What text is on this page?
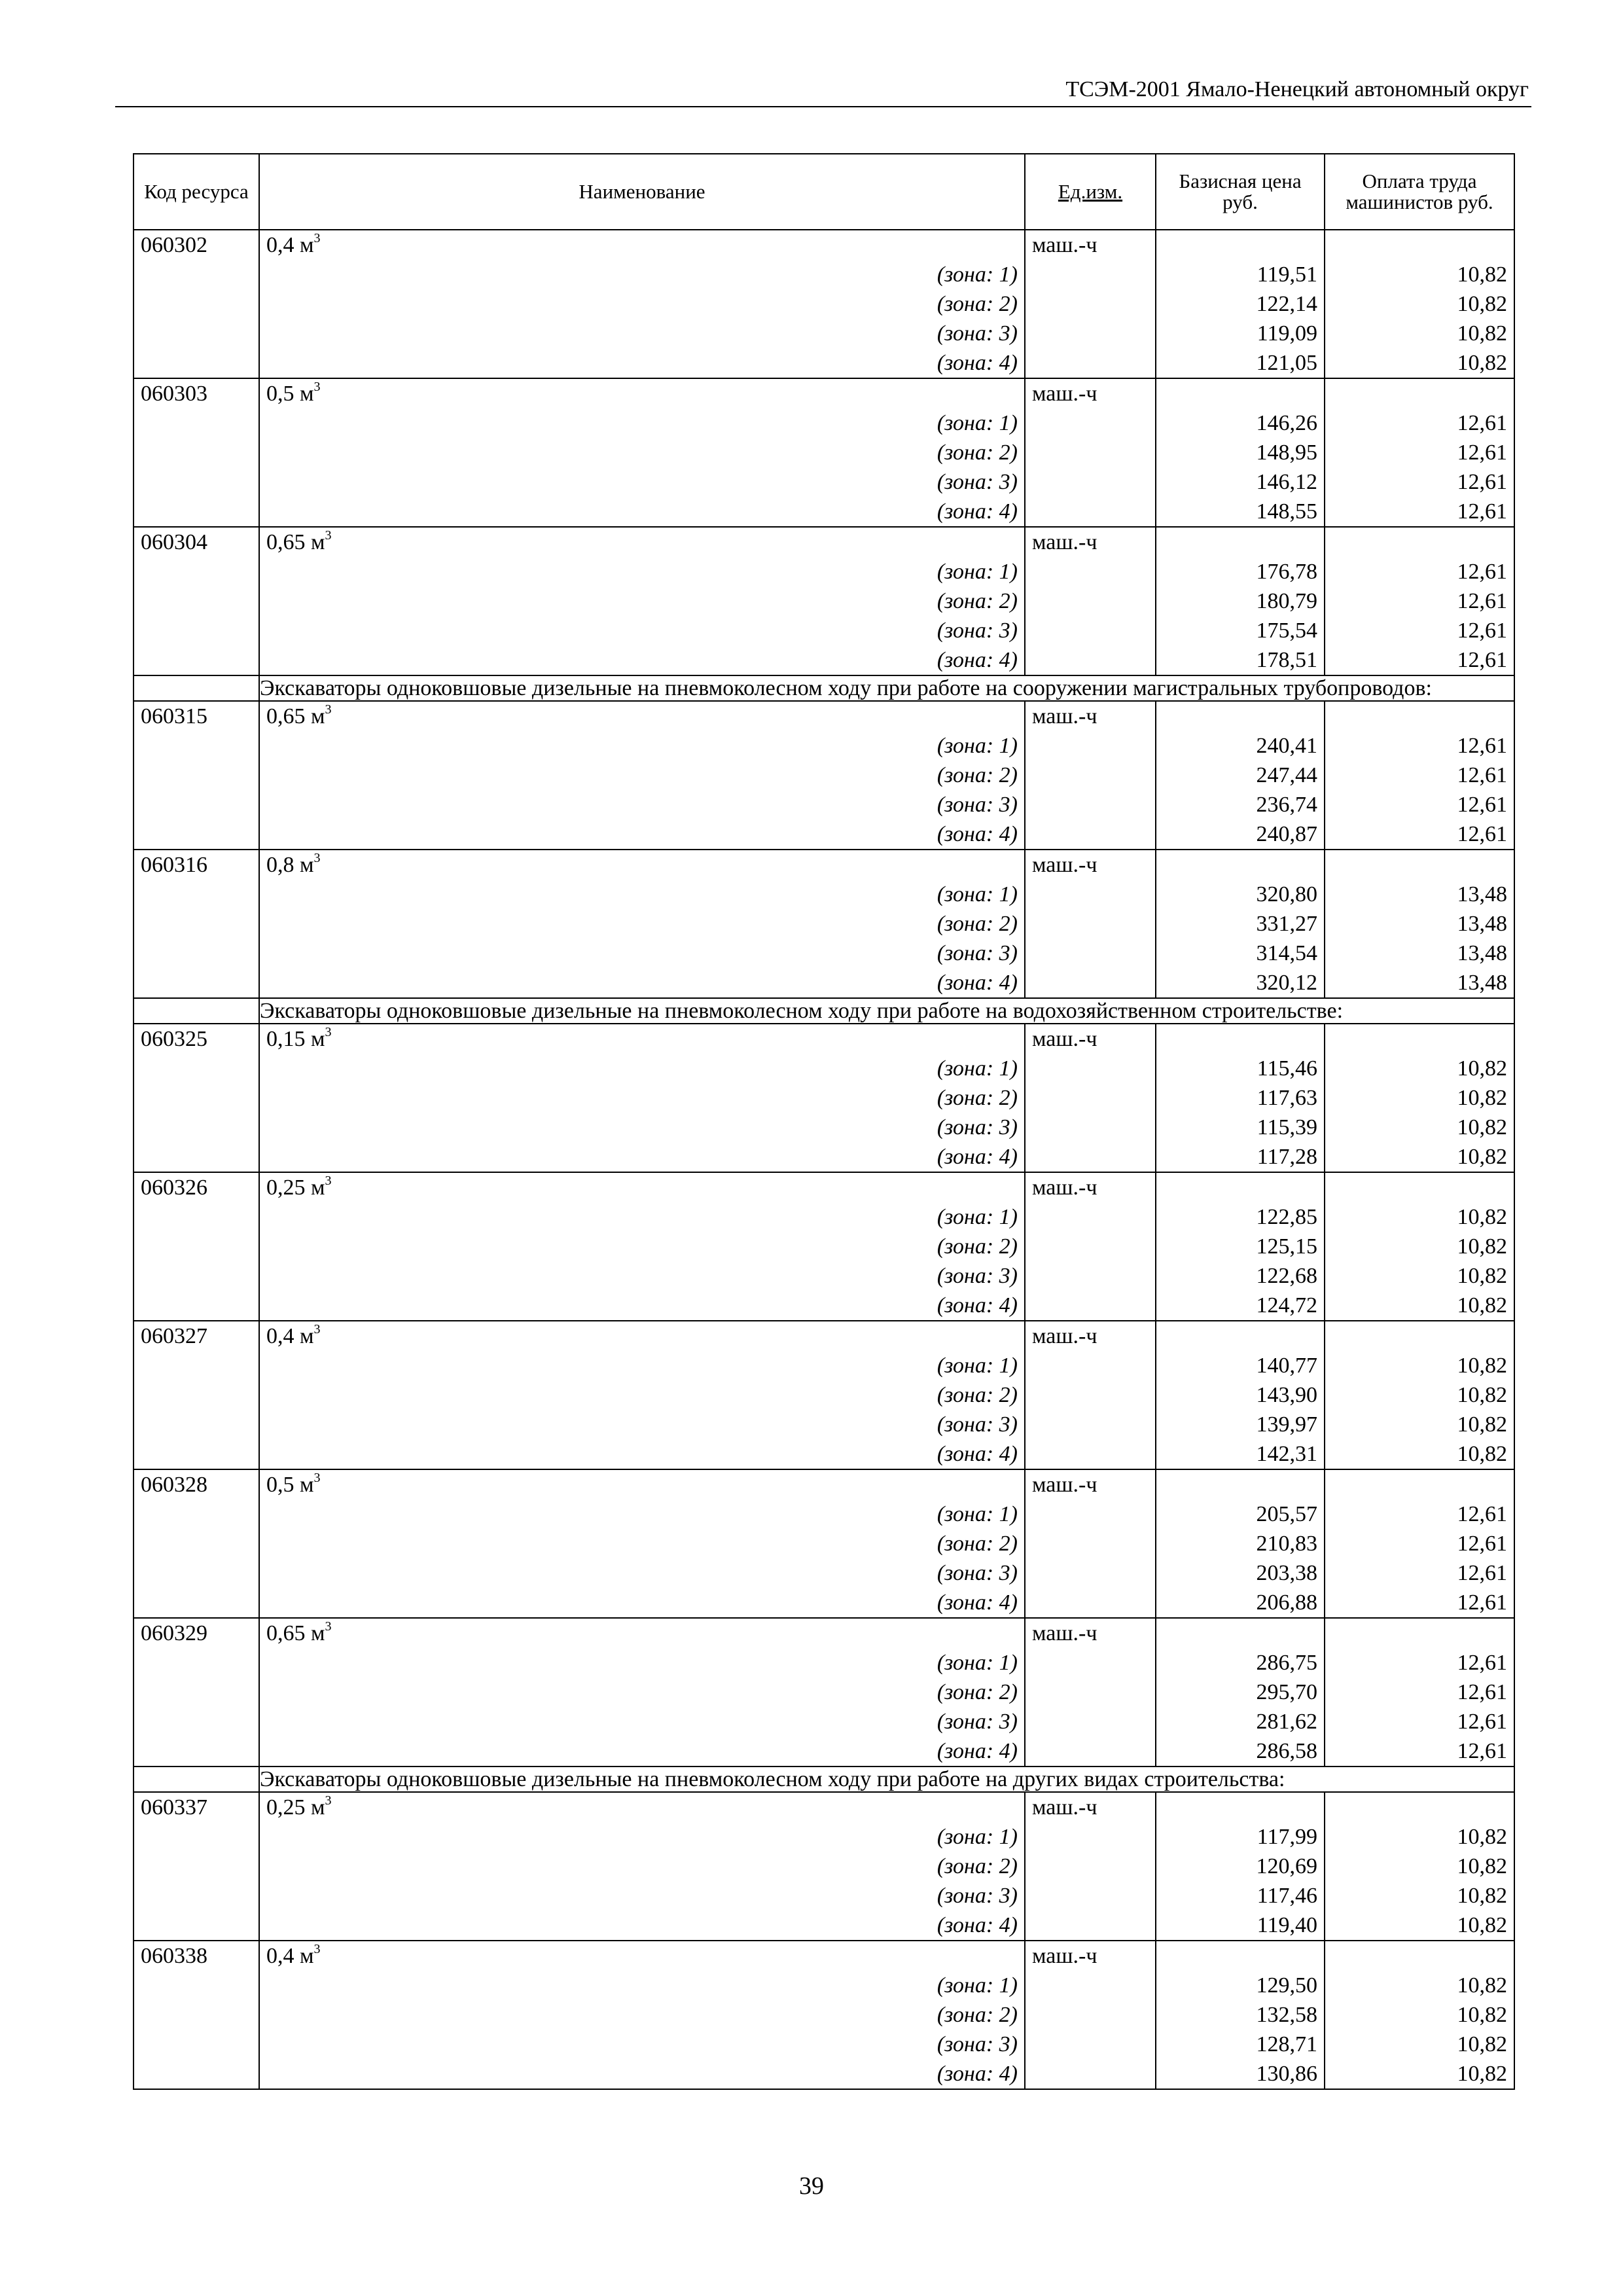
ТСЭМ-2001 Ямало-Ненецкий автономный округ
Код ресурса	Наименование	Ед.изм.	Базисная цена руб.	Оплата труда машинистов руб.
060302	0,4 $м^3$	маш.-ч		
	(зона: 1)		119,51	10,82
	(зона: 2)		122,14	10,82
	(зона: 3)		119,09	10,82
	(зона: 4)		121,05	10,82
060303	0,5 $м^3$	маш.-ч		
	(зона: 1)		146,26	12,61
	(зона: 2)		148,95	12,61
	(зона: 3)		146,12	12,61
	(зона: 4)		148,55	12,61
060304	0,65 $м^3$	маш.-ч		
	(зона: 1)		176,78	12,61
	(зона: 2)		180,79	12,61
	(зона: 3)		175,54	12,61
	(зона: 4)		178,51	12,61
	Экскаваторы одноковшовые дизельные на пневмоколесном ходу при работе на сооружении магистральных трубопроводов:			
060315	0,65 $м^3$	маш.-ч		
	(зона: 1)		240,41	12,61
	(зона: 2)		247,44	12,61
	(зона: 3)		236,74	12,61
	(зона: 4)		240,87	12,61
060316	0,8 $м^3$	маш.-ч		
	(зона: 1)		320,80	13,48
	(зона: 2)		331,27	13,48
	(зона: 3)		314,54	13,48
	(зона: 4)		320,12	13,48
	Экскаваторы одноковшовые дизельные на пневмоколесном ходу при работе на водохозяйственном строительстве:			
060325	0,15 $м^3$	маш.-ч		
	(зона: 1)		115,46	10,82
	(зона: 2)		117,63	10,82
	(зона: 3)		115,39	10,82
	(зона: 4)		117,28	10,82
060326	0,25 $м^3$	маш.-ч		
	(зона: 1)		122,85	10,82
	(зона: 2)		125,15	10,82
	(зона: 3)		122,68	10,82
	(зона: 4)		124,72	10,82
060327	0,4 $м^3$	маш.-ч		
	(зона: 1)		140,77	10,82
	(зона: 2)		143,90	10,82
	(зона: 3)		139,97	10,82
	(зона: 4)		142,31	10,82
060328	0,5 $м^3$	маш.-ч		
	(зона: 1)		205,57	12,61
	(зона: 2)		210,83	12,61
	(зона: 3)		203,38	12,61
	(зона: 4)		206,88	12,61
060329	0,65 $м^3$	маш.-ч		
	(зона: 1)		286,75	12,61
	(зона: 2)		295,70	12,61
	(зона: 3)		281,62	12,61
	(зона: 4)		286,58	12,61
	Экскаваторы одноковшовые дизельные на пневмоколесном ходу при работе на других видах строительства:			
060337	0,25 $м^3$	маш.-ч		
	(зона: 1)		117,99	10,82
	(зона: 2)		120,69	10,82
	(зона: 3)		117,46	10,82
	(зона: 4)		119,40	10,82
060338	0,4 $м^3$	маш.-ч		
	(зона: 1)		129,50	10,82
	(зона: 2)		132,58	10,82
	(зона: 3)		128,71	10,82
	(зона: 4)		130,86	10,82
39
